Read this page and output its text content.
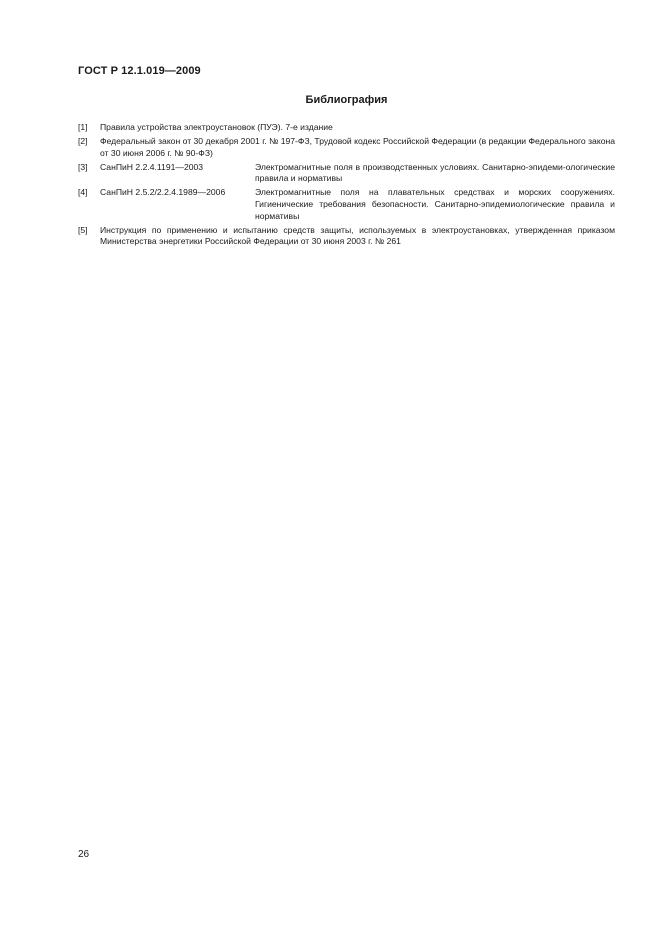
ГОСТ Р 12.1.019—2009
Библиография
[1]	Правила устройства электроустановок (ПУЭ). 7-е издание
[2]	Федеральный закон от 30 декабря 2001 г. № 197-ФЗ, Трудовой кодекс Российской Федерации (в редакции Федерального закона от 30 июня 2006 г. № 90-ФЗ)
[3]	СанПиН 2.2.4.1191—2003	Электромагнитные поля в производственных условиях. Санитарно-эпидеми-ологические правила и нормативы
[4]	СанПиН 2.5.2/2.2.4.1989—2006	Электромагнитные поля на плавательных средствах и морских сооружениях. Гигиенические требования безопасности. Санитарно-эпидемиологические правила и нормативы
[5]	Инструкция по применению и испытанию средств защиты, используемых в электроустановках, утвержденная приказом Министерства энергетики Российской Федерации от 30 июня 2003 г. № 261
26
